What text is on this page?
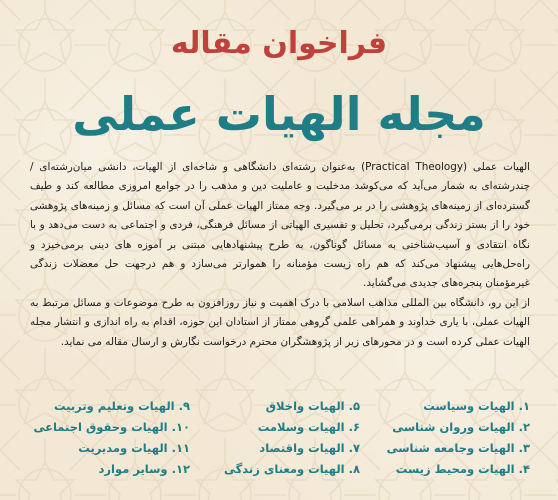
فراخوان مقاله
مجله الهیات عملی

الهیات عملی (Practical Theology) به‌عنوان رشته‌ای دانشگاهی و شاخه‌ای از الهیات، دانشی میان‌رشته‌ای / چندرشته‌ای به شمار می‌آید که می‌کوشد مدخلیت و عاملیت دین و مذهب را در جوامع امروزی مطالعه کند و طیف گسترده‌ای از زمینه‌های پژوهشی را در بر می‌گیرد. وجه ممتاز الهیات عملی آن است که مسائل و زمینه‌های پژوهشی خود را از بستر زندگی برمی‌گیرد، تحلیل و تفسیری الهیاتی از مسائل فرهنگی، فردی و اجتماعی به دست می‌دهد و با نگاه انتقادی و آسیب‌شناختی به مسائل گوناگون، به طرح پیشنهادهایی مبتنی بر آموزه های دینی برمی‌خیزد و راه‌حل‌هایی پیشنهاد می‌کند که هم راه زیست مؤمنانه را هموارتر می‌سازد و هم درجهت حل معضلات زندگی غیرمؤمنان پنجره‌های جدیدی می‌گشاید.

از این رو، دانشگاه بین المللی مذاهب اسلامی با درک اهمیت و نیاز روزافزون به طرح موضوعات و مسائل مرتبط به الهیات عملی، با یاری خداوند و همراهی علمی گروهی ممتاز از استادان این حوزه، اقدام به راه اندازی و انتشار مجله الهیات عملی کرده است و در محورهای زیر از پژوهشگران محترم درخواست نگارش و ارسال مقاله می نماید.

۱. الهیات وسیاست
۲. الهیات وروان شناسی
۳. الهیات وجامعه شناسی
۴. الهیات ومحیط زیست
۵. الهیات واخلاق
۶. الهیات وسلامت
۷. الهیات واقتصاد
۸. الهیات ومعنای زندگی
۹. الهیات وتعلیم وتربیت
۱۰. الهیات وحقوق اجتماعی
۱۱. الهیات ومدیریت
۱۲. وسایر موارد
